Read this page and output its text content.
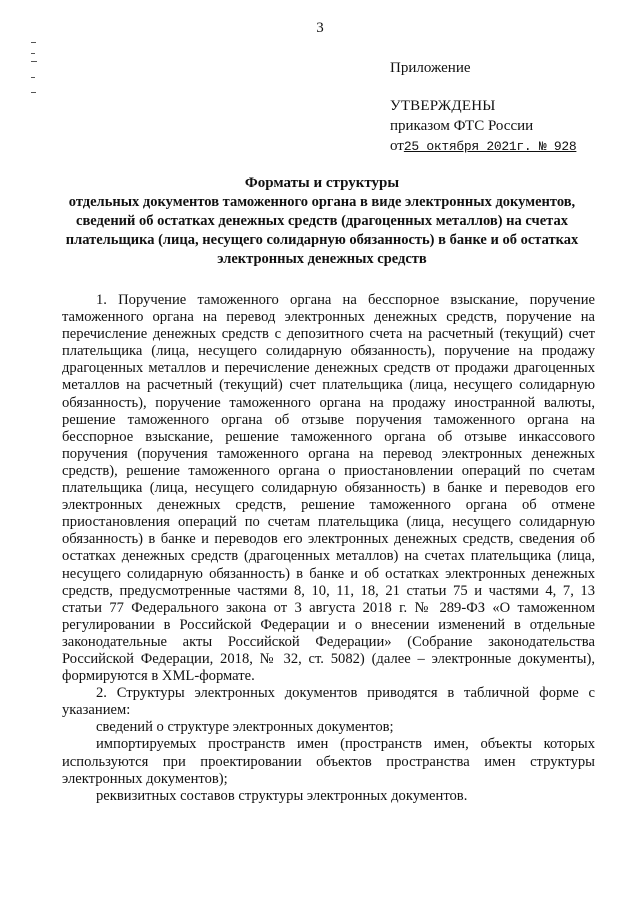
3
Приложение
УТВЕРЖДЕНЫ
приказом ФТС России
от25 октября 2021г. № 928
Форматы и структуры
отдельных документов таможенного органа в виде электронных документов, сведений об остатках денежных средств (драгоценных металлов) на счетах плательщика (лица, несущего солидарную обязанность) в банке и об остатках электронных денежных средств

1. Поручение таможенного органа на бесспорное взыскание, поручение таможенного органа на перевод электронных денежных средств, поручение на перечисление денежных средств с депозитного счета на расчетный (текущий) счет плательщика (лица, несущего солидарную обязанность), поручение на продажу драгоценных металлов и перечисление денежных средств от продажи драгоценных металлов на расчетный (текущий) счет плательщика (лица, несущего солидарную обязанность), поручение таможенного органа на продажу иностранной валюты, решение таможенного органа об отзыве поручения таможенного органа на бесспорное взыскание, решение таможенного органа об отзыве инкассового поручения (поручения таможенного органа на перевод электронных денежных средств), решение таможенного органа о приостановлении операций по счетам плательщика (лица, несущего солидарную обязанность) в банке и переводов его электронных денежных средств, решение таможенного органа об отмене приостановления операций по счетам плательщика (лица, несущего солидарную обязанность) в банке и переводов его электронных денежных средств, сведения об остатках денежных средств (драгоценных металлов) на счетах плательщика (лица, несущего солидарную обязанность) в банке и об остатках электронных денежных средств, предусмотренные частями 8, 10, 11, 18, 21 статьи 75 и частями 4, 7, 13 статьи 77 Федерального закона от 3 августа 2018 г. № 289-ФЗ «О таможенном регулировании в Российской Федерации и о внесении изменений в отдельные законодательные акты Российской Федерации» (Собрание законодательства Российской Федерации, 2018, № 32, ст. 5082) (далее – электронные документы), формируются в XML-формате.

2. Структуры электронных документов приводятся в табличной форме с указанием:

сведений о структуре электронных документов;

импортируемых пространств имен (пространств имен, объекты которых используются при проектировании объектов пространства имен структуры электронных документов);

реквизитных составов структуры электронных документов.
